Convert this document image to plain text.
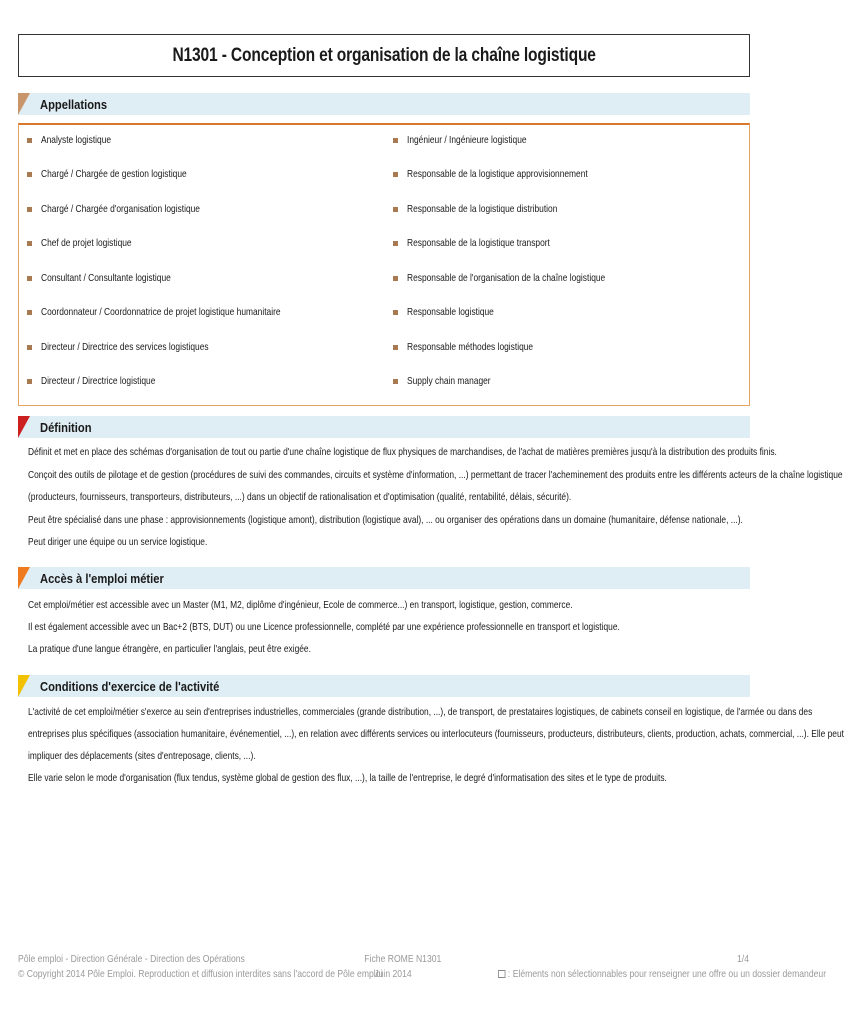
N1301 - Conception et organisation de la chaîne logistique
Appellations
Analyste logistique
Chargé / Chargée de gestion logistique
Chargé / Chargée d'organisation logistique
Chef de projet logistique
Consultant / Consultante logistique
Coordonnateur / Coordonnatrice de projet logistique humanitaire
Directeur / Directrice des services logistiques
Directeur / Directrice logistique
Ingénieur / Ingénieure logistique
Responsable de la logistique approvisionnement
Responsable de la logistique distribution
Responsable de la logistique transport
Responsable de l'organisation de la chaîne logistique
Responsable logistique
Responsable méthodes logistique
Supply chain manager
Définition
Définit et met en place des schémas d'organisation de tout ou partie d'une chaîne logistique de flux physiques de marchandises, de l'achat de matières premières jusqu'à la distribution des produits finis.
Conçoit des outils de pilotage et de gestion (procédures de suivi des commandes, circuits et système d'information, ...) permettant de tracer l'acheminement des produits entre les différents acteurs de la chaîne logistique
(producteurs, fournisseurs, transporteurs, distributeurs, ...) dans un objectif de rationalisation et d'optimisation (qualité, rentabilité, délais, sécurité).
Peut être spécialisé dans une phase : approvisionnements (logistique amont), distribution (logistique aval), ... ou organiser des opérations dans un domaine (humanitaire, défense nationale, ...).
Peut diriger une équipe ou un service logistique.
Accès à l'emploi métier
Cet emploi/métier est accessible avec un Master (M1, M2, diplôme d'ingénieur, Ecole de commerce...) en transport, logistique, gestion, commerce.
Il est également accessible avec un Bac+2 (BTS, DUT) ou une Licence professionnelle, complété par une expérience professionnelle en transport et logistique.
La pratique d'une langue étrangère, en particulier l'anglais, peut être exigée.
Conditions d'exercice de l'activité
L'activité de cet emploi/métier s'exerce au sein d'entreprises industrielles, commerciales (grande distribution, ...), de transport, de prestataires logistiques, de cabinets conseil en logistique, de l'armée ou dans des
entreprises plus spécifiques (association humanitaire, événementiel, ...), en relation avec différents services ou interlocuteurs (fournisseurs, producteurs, distributeurs, clients, production, achats, commercial, ...). Elle peut
impliquer des déplacements (sites d'entreposage, clients, ...).
Elle varie selon le mode d'organisation (flux tendus, système global de gestion des flux, ...), la taille de l'entreprise, le degré d'informatisation des sites et le type de produits.
Pôle emploi - Direction Générale - Direction des Opérations
© Copyright 2014 Pôle Emploi. Reproduction et diffusion interdites sans l'accord de Pôle emploi
Fiche ROME N1301
Juin 2014
1/4
: Eléments non sélectionnables pour renseigner une offre ou un dossier demandeur
